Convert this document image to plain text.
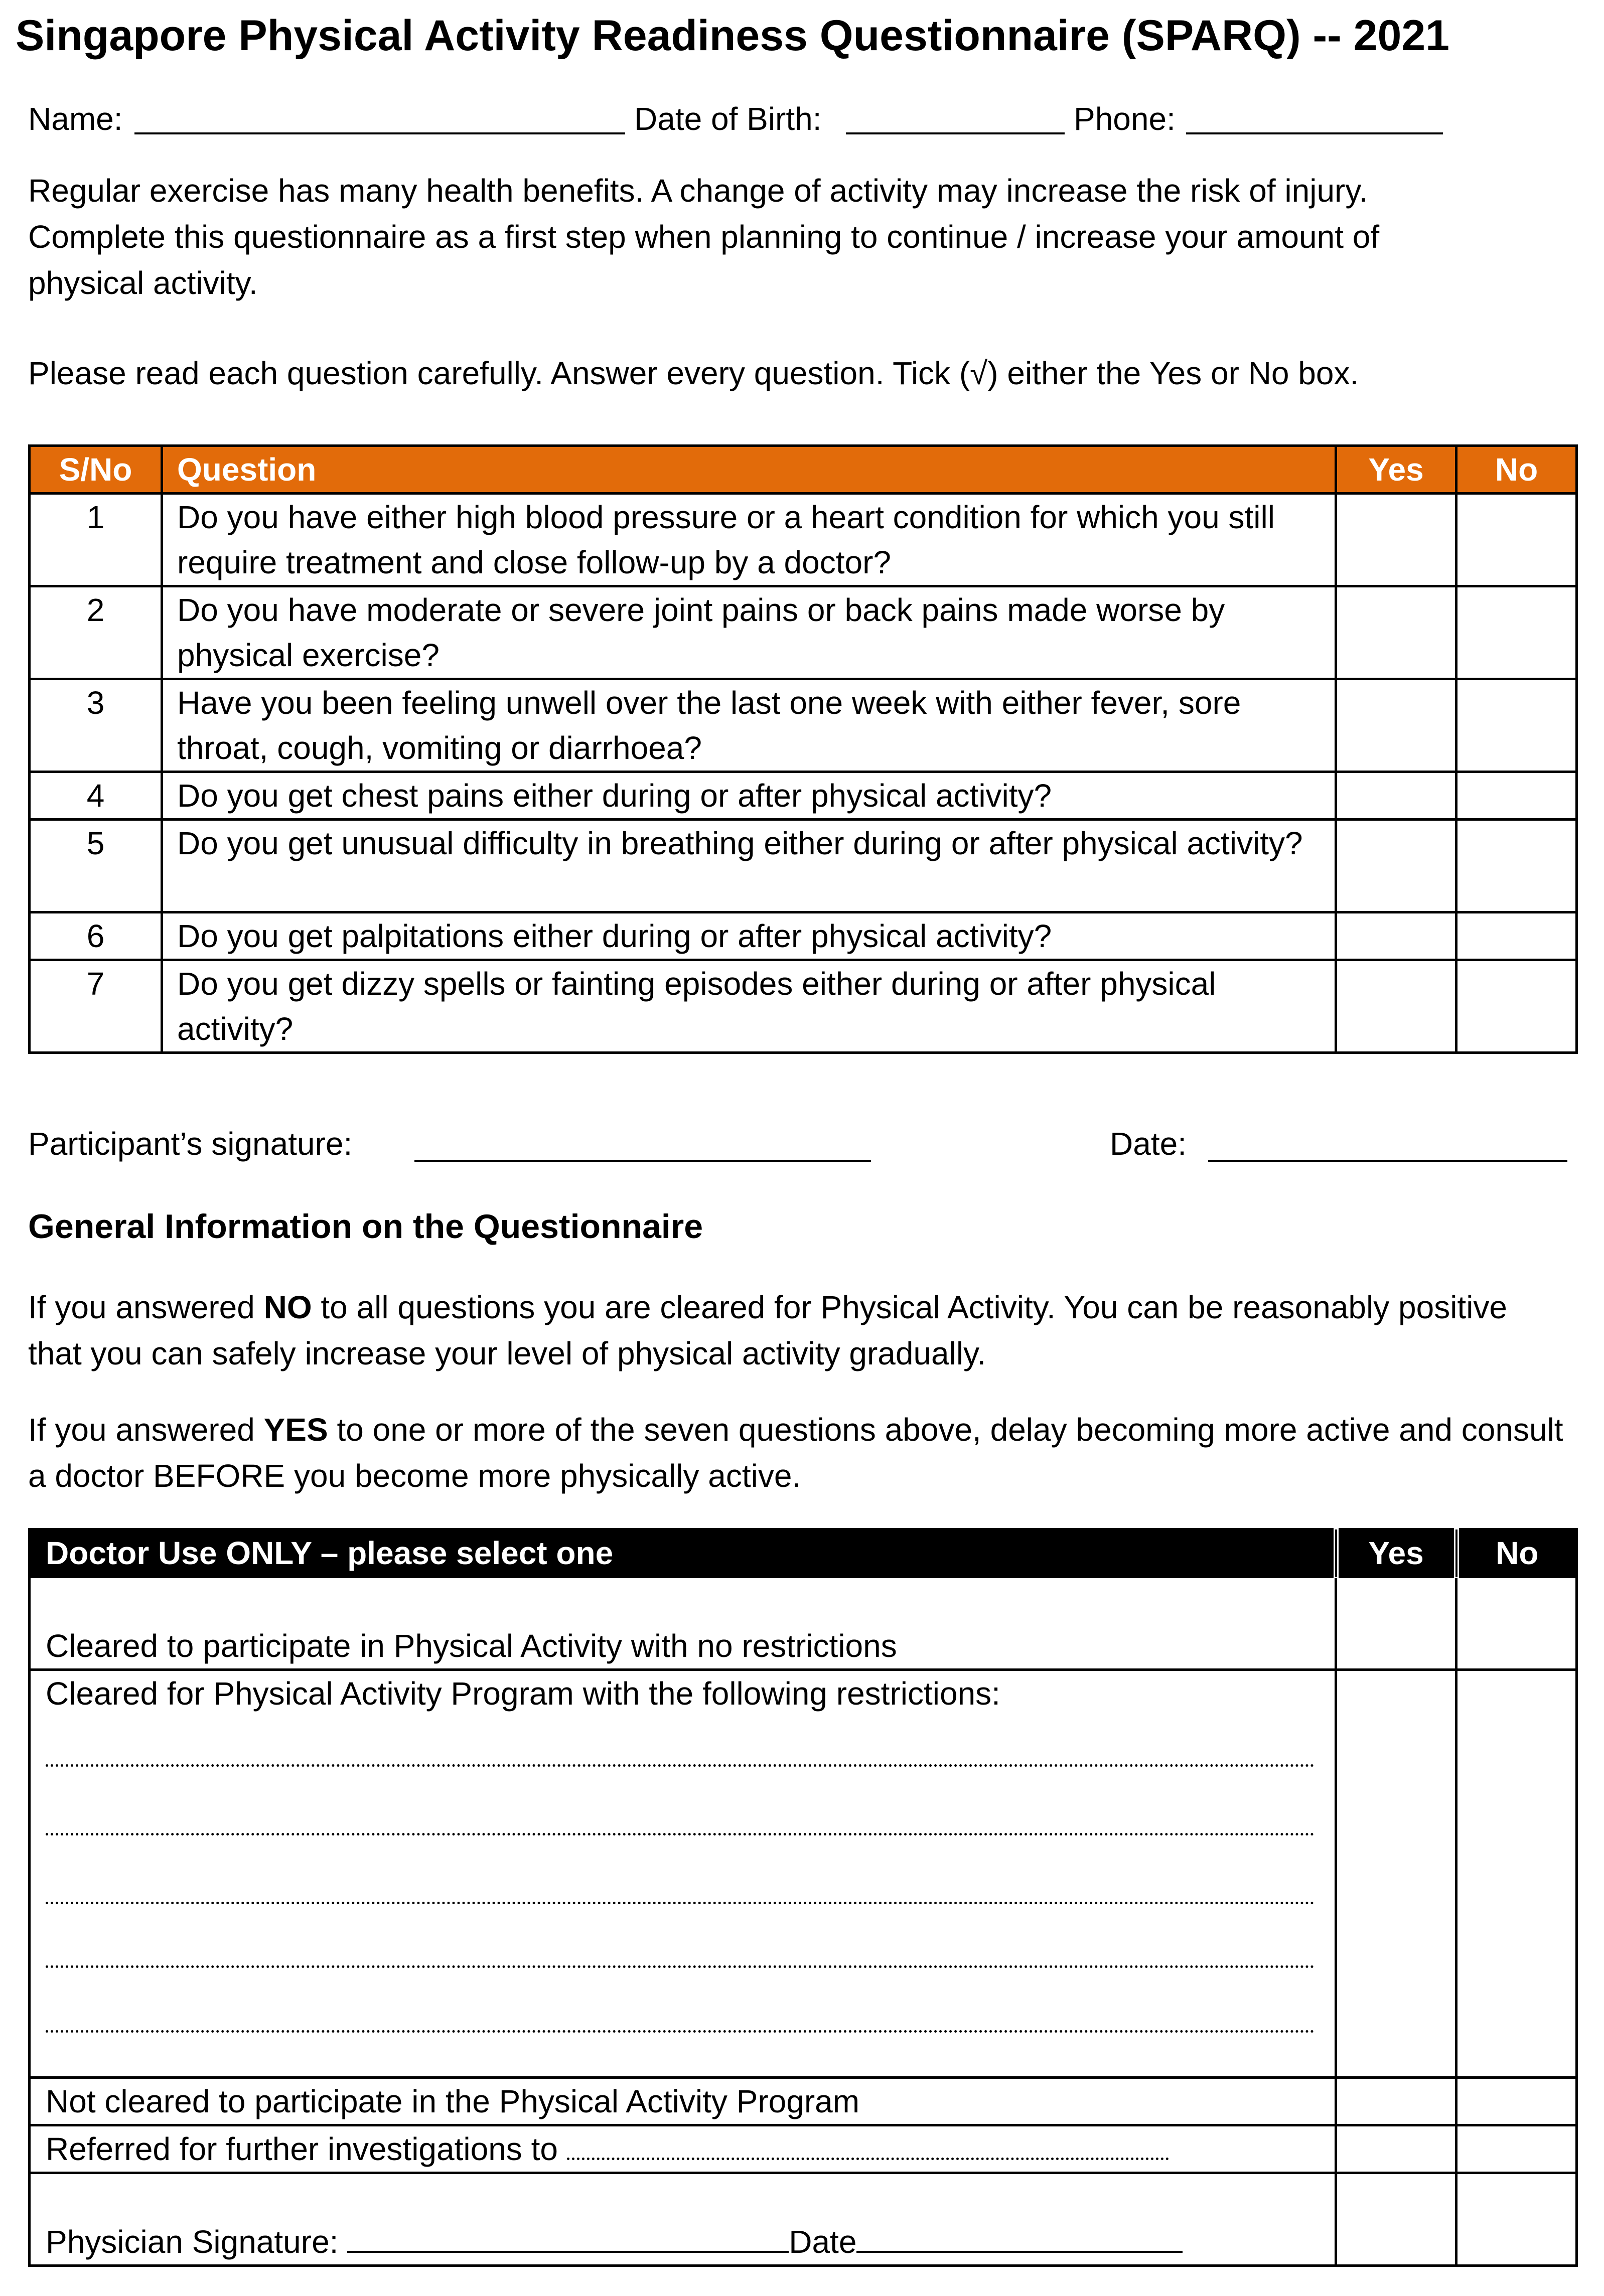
Singapore Physical Activity Readiness Questionnaire (SPARQ) -- 2021
Name:	Date of Birth:	Phone:
Regular exercise has many health benefits. A change of activity may increase the risk of injury. Complete this questionnaire as a first step when planning to continue / increase your amount of physical activity.
Please read each question carefully. Answer every question. Tick (√) either the Yes or No box.
S/No	Question	Yes	No
1	Do you have either high blood pressure or a heart condition for which you still require treatment and close follow-up by a doctor?		
2	Do you have moderate or severe joint pains or back pains made worse by physical exercise?		
3	Have you been feeling unwell over the last one week with either fever, sore throat, cough, vomiting or diarrhoea?		
4	Do you get chest pains either during or after physical activity?		
5	Do you get unusual difficulty in breathing either during or after physical activity?		
6	Do you get palpitations either during or after physical activity?		
7	Do you get dizzy spells or fainting episodes either during or after physical activity?		
Participant’s signature:	Date:
General Information on the Questionnaire
If you answered NO to all questions you are cleared for Physical Activity. You can be reasonably positive that you can safely increase your level of physical activity gradually.
If you answered YES to one or more of the seven questions above, delay becoming more active and consult a doctor BEFORE you become more physically active.
Doctor Use ONLY – please select one	Yes	No
Cleared to participate in Physical Activity with no restrictions		

Cleared for Physical Activity Program with the following restrictions:		

Not cleared to participate in the Physical Activity Program		
Referred for further investigations to		
Physician Signature: Date		
